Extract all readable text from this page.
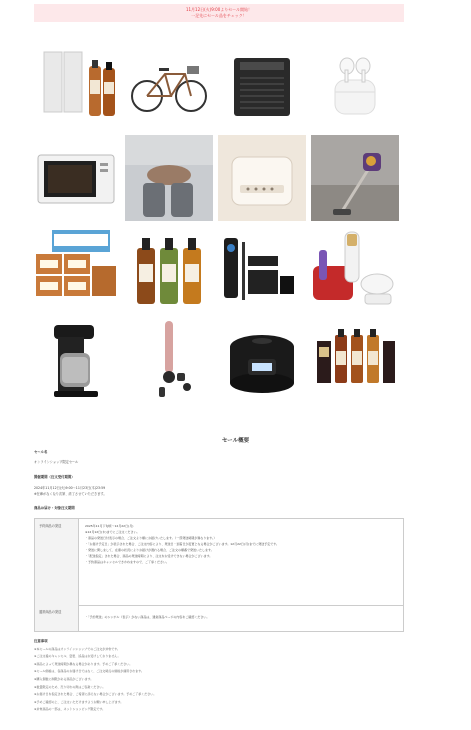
11月12日(火)9:00よりセール開始！
一足先にセール品をチェック！
セール概要
セール名
オンラインショップ限定セール
開催期間（注文受付期間）
2024年11月12日(火)9:00～11月23日(木)23:59
※在庫がなくなり次第、終了させていただきます。
商品お届け・対象注文期間
予約商品の発送	2025年11月下旬頃～12月22日(月)
※12月12日(木)までにご注文ください。
・商品の発送日付表示の場合、ご注文より順にお届けいたします。（一部発送時期が異なります。）
・「お届け予定日」が表示された場合、ご注文内容により、発送日・到着日が変更となる場合がございます。12月22日(月)までに発送予定です。
・発送に関しまして、在庫の状況によりお届けが遅れる場合、ご注文の順番で発送いたします。
・「配送指定」された場合、商品の発送時期により、注文をお受けできない場合がございます。
・予約商品はキャンセルできかねますので、ご了承ください。
通常商品の発送
・「予約発送」のシンボル（表示）がない商品は、通常商品ページの内容をご確認ください。
注意事項
※本セールの商品はオンラインショップでのご注文が対象です。
※ご注文後のキャンセル、変更、返品はお受けしておりません。
※商品によって発送時期が異なる場合があります。予めご了承ください。
※セール価格は、各商品のお届け日ではなく、ご注文時点の価格が適用されます。
※購入個数に制限がある商品がございます。
※数量限定のため、売り切れの際はご容赦ください。
※お届け日を指定された場合、ご希望に添えない場合がございます。予めご了承ください。
※予めご確認の上、ご注文いただけますようお願い申し上げます。
※対象商品の一部は、ネットショッピング限定です。
